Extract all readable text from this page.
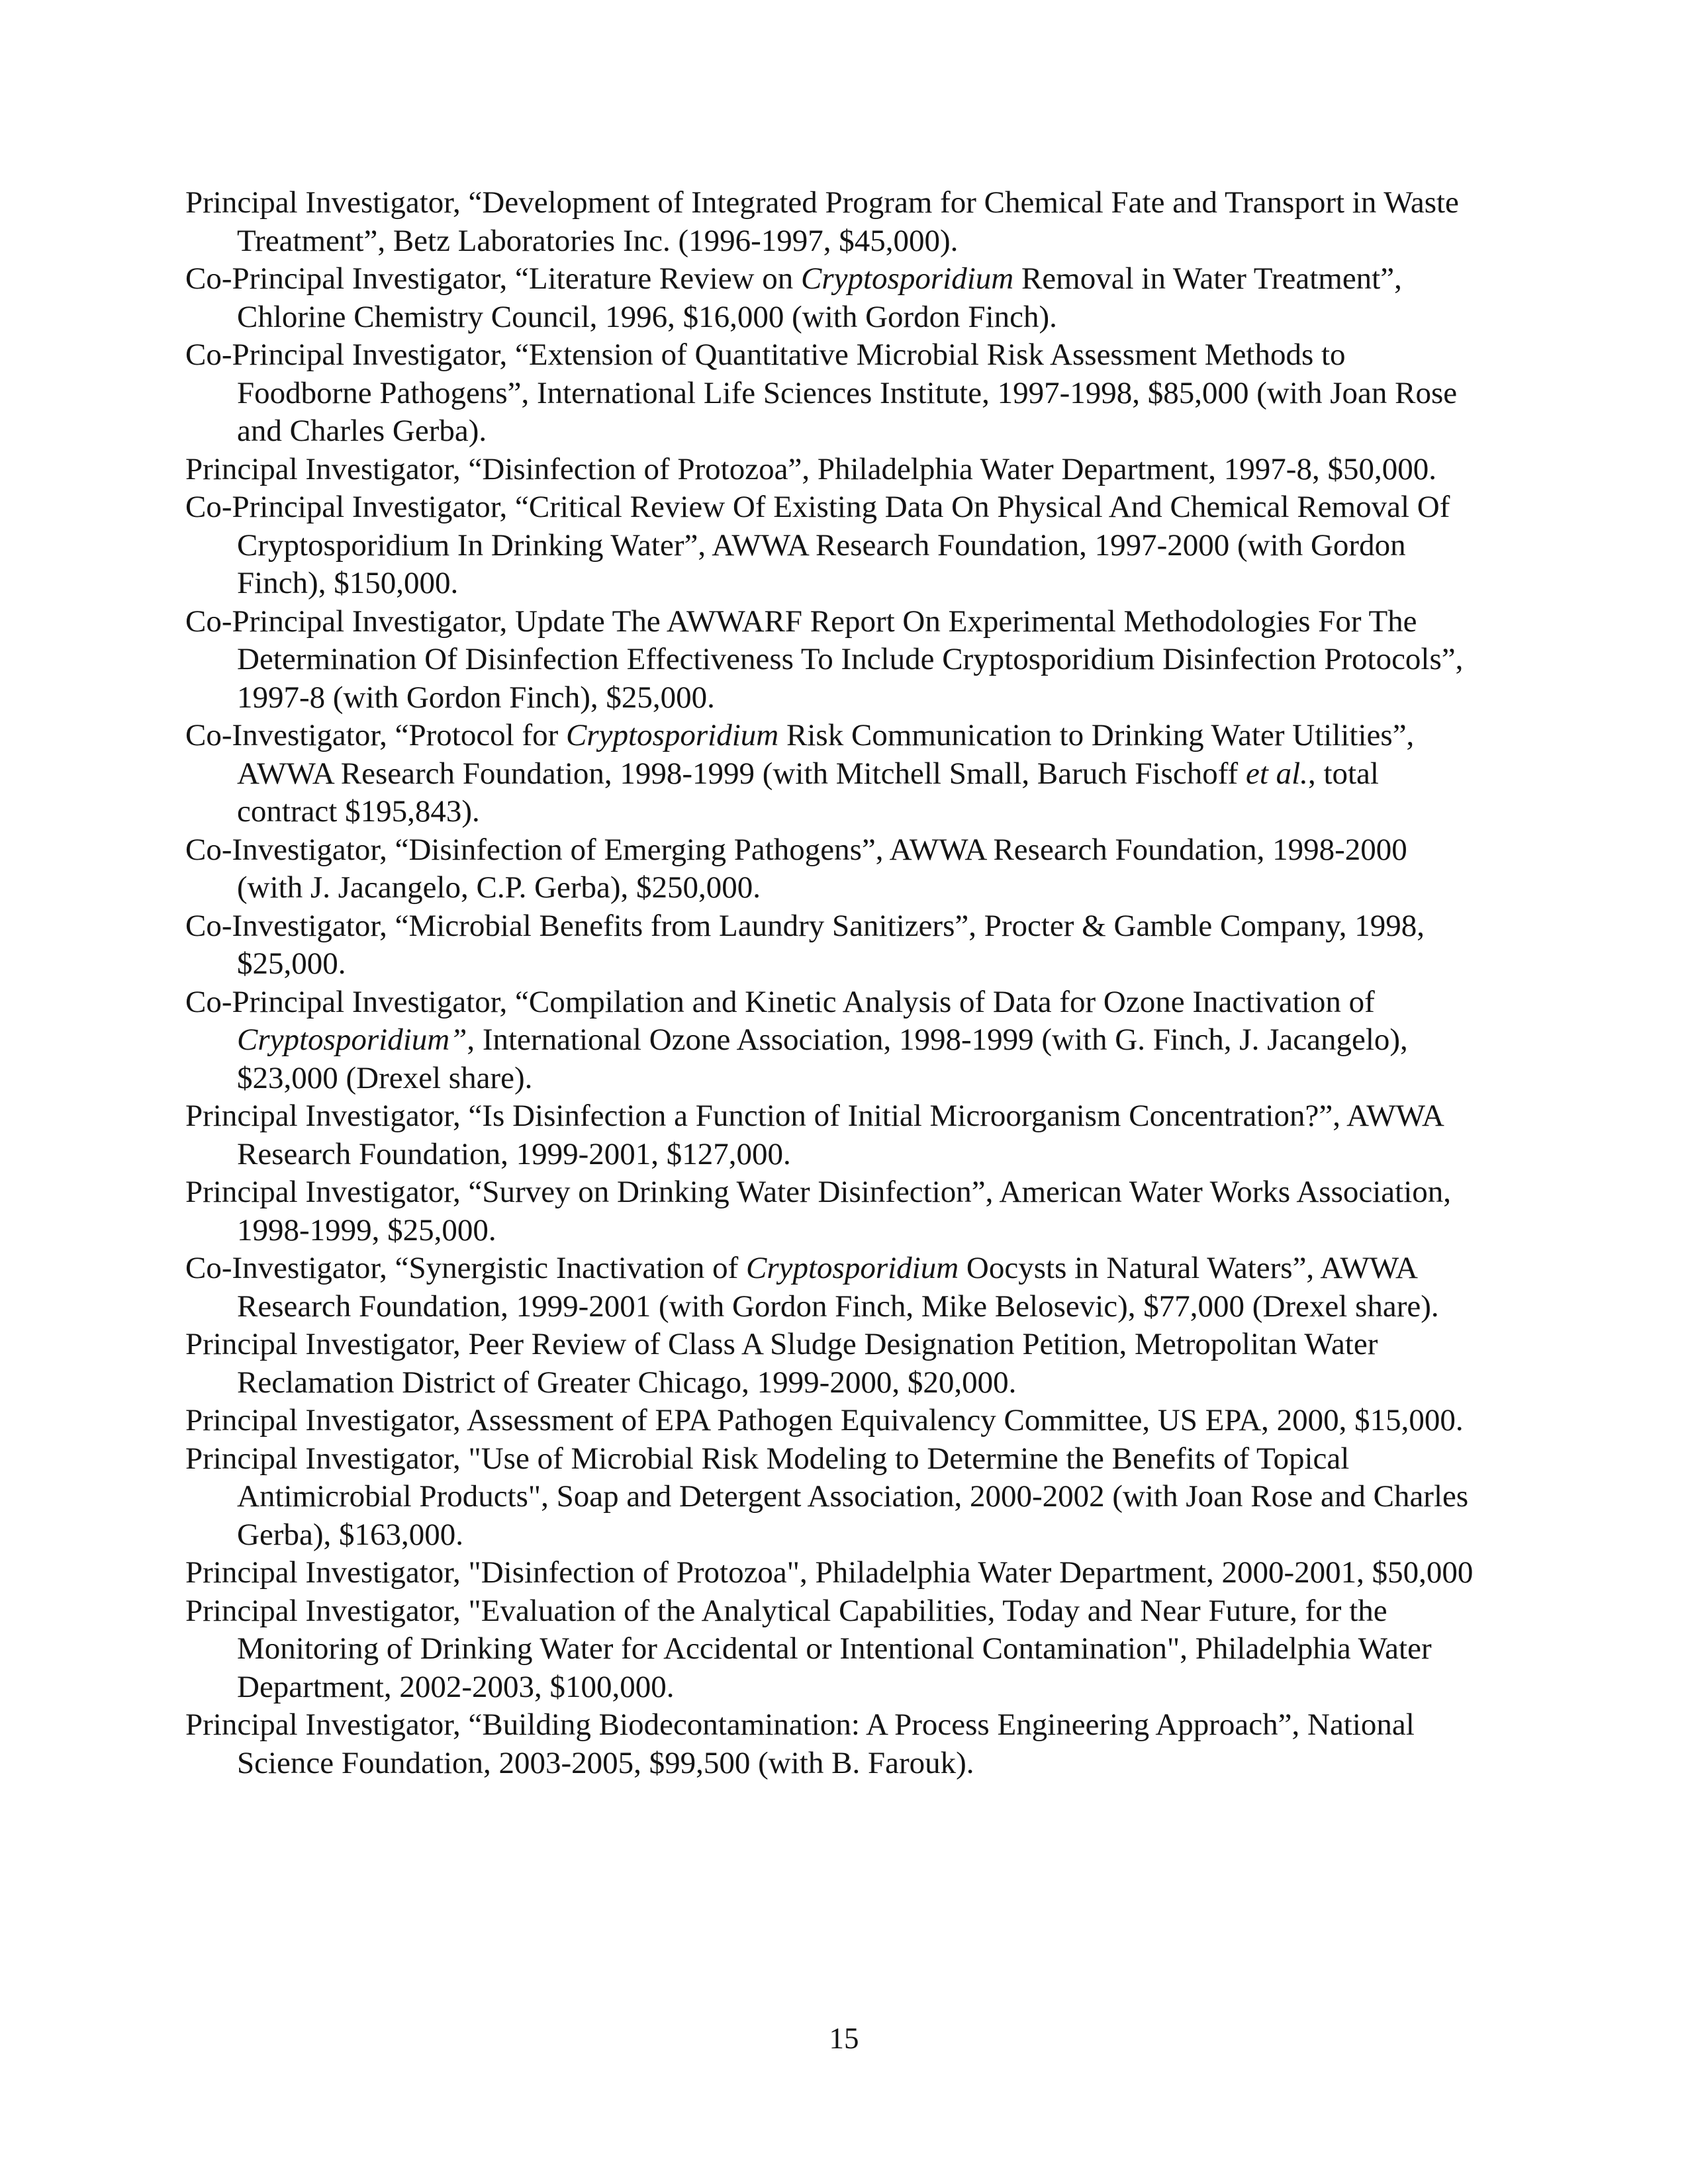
Principal Investigator, “Development of Integrated Program for Chemical Fate and Transport in Waste Treatment”, Betz Laboratories Inc. (1996-1997, $45,000).
Co-Principal Investigator, “Literature Review on Cryptosporidium Removal in Water Treatment”, Chlorine Chemistry Council, 1996, $16,000 (with Gordon Finch).
Co-Principal Investigator, “Extension of Quantitative Microbial Risk Assessment Methods to Foodborne Pathogens”, International Life Sciences Institute, 1997-1998, $85,000 (with Joan Rose and Charles Gerba).
Principal Investigator, “Disinfection of Protozoa”, Philadelphia Water Department, 1997-8, $50,000.
Co-Principal Investigator, “Critical Review Of Existing Data On Physical And Chemical Removal Of Cryptosporidium In Drinking Water”, AWWA Research Foundation, 1997-2000 (with Gordon Finch), $150,000.
Co-Principal Investigator, Update The AWWARF Report On Experimental Methodologies For The Determination Of Disinfection Effectiveness To Include Cryptosporidium Disinfection Protocols”, 1997-8 (with Gordon Finch), $25,000.
Co-Investigator, “Protocol for Cryptosporidium Risk Communication to Drinking Water Utilities”, AWWA Research Foundation, 1998-1999 (with Mitchell Small, Baruch Fischoff et al., total contract $195,843).
Co-Investigator, “Disinfection of Emerging Pathogens”, AWWA Research Foundation, 1998-2000 (with J. Jacangelo, C.P. Gerba), $250,000.
Co-Investigator, “Microbial Benefits from Laundry Sanitizers”, Procter & Gamble Company, 1998, $25,000.
Co-Principal Investigator, “Compilation and Kinetic Analysis of Data for Ozone Inactivation of Cryptosporidium”, International Ozone Association, 1998-1999 (with G. Finch, J. Jacangelo), $23,000 (Drexel share).
Principal Investigator, “Is Disinfection a Function of Initial Microorganism Concentration?”, AWWA Research Foundation, 1999-2001, $127,000.
Principal Investigator, “Survey on Drinking Water Disinfection”, American Water Works Association, 1998-1999, $25,000.
Co-Investigator, “Synergistic Inactivation of Cryptosporidium Oocysts in Natural Waters”, AWWA Research Foundation, 1999-2001 (with Gordon Finch, Mike Belosevic), $77,000 (Drexel share).
Principal Investigator, Peer Review of Class A Sludge Designation Petition, Metropolitan Water Reclamation District of Greater Chicago, 1999-2000, $20,000.
Principal Investigator, Assessment of EPA Pathogen Equivalency Committee, US EPA, 2000, $15,000.
Principal Investigator, "Use of Microbial Risk Modeling to Determine the Benefits of Topical Antimicrobial Products", Soap and Detergent Association, 2000-2002 (with Joan Rose and Charles Gerba), $163,000.
Principal Investigator, "Disinfection of Protozoa", Philadelphia Water Department, 2000-2001, $50,000
Principal Investigator, "Evaluation of the Analytical Capabilities, Today and Near Future, for the Monitoring of Drinking Water for Accidental or Intentional Contamination", Philadelphia Water Department, 2002-2003, $100,000.
Principal Investigator, “Building Biodecontamination: A Process Engineering Approach”, National Science Foundation, 2003-2005, $99,500 (with B. Farouk).
15
